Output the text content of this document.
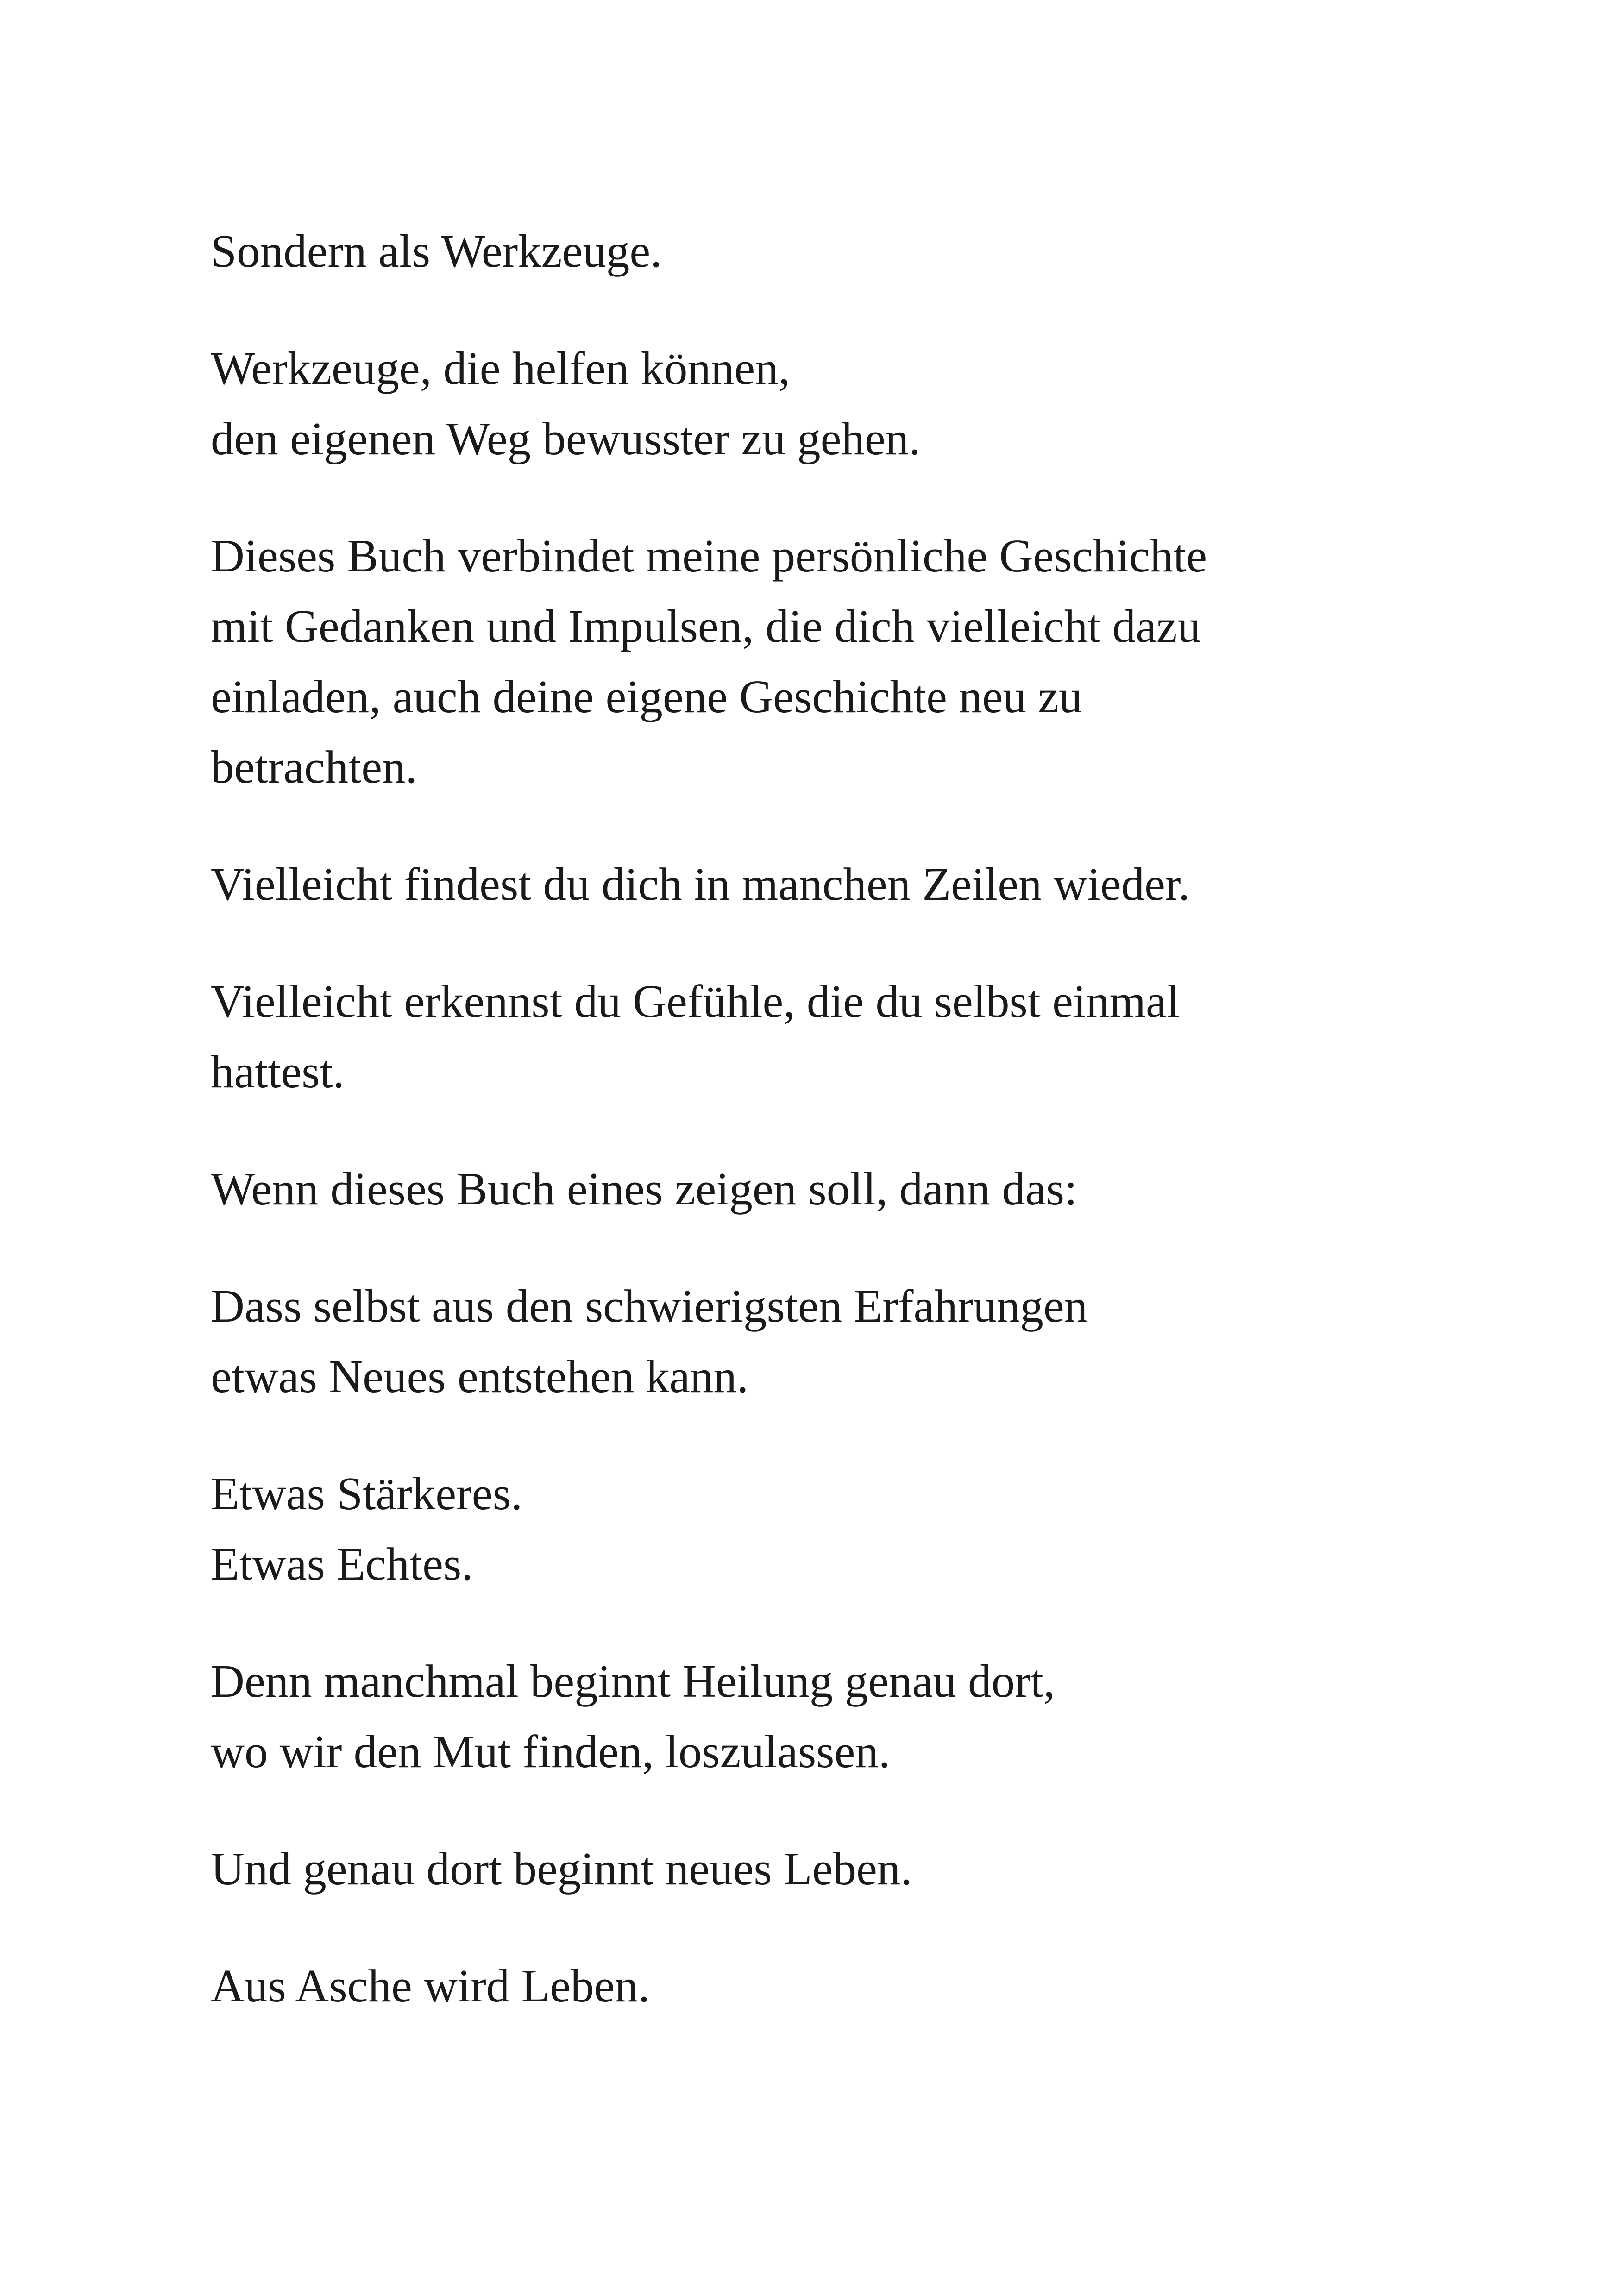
Sondern als Werkzeuge.

Werkzeuge, die helfen können,
den eigenen Weg bewusster zu gehen.

Dieses Buch verbindet meine persönliche Geschichte
mit Gedanken und Impulsen, die dich vielleicht dazu
einladen, auch deine eigene Geschichte neu zu
betrachten.

Vielleicht findest du dich in manchen Zeilen wieder.

Vielleicht erkennst du Gefühle, die du selbst einmal
hattest.

Wenn dieses Buch eines zeigen soll, dann das:

Dass selbst aus den schwierigsten Erfahrungen
etwas Neues entstehen kann.

Etwas Stärkeres.
Etwas Echtes.

Denn manchmal beginnt Heilung genau dort,
wo wir den Mut finden, loszulassen.

Und genau dort beginnt neues Leben.

Aus Asche wird Leben.
